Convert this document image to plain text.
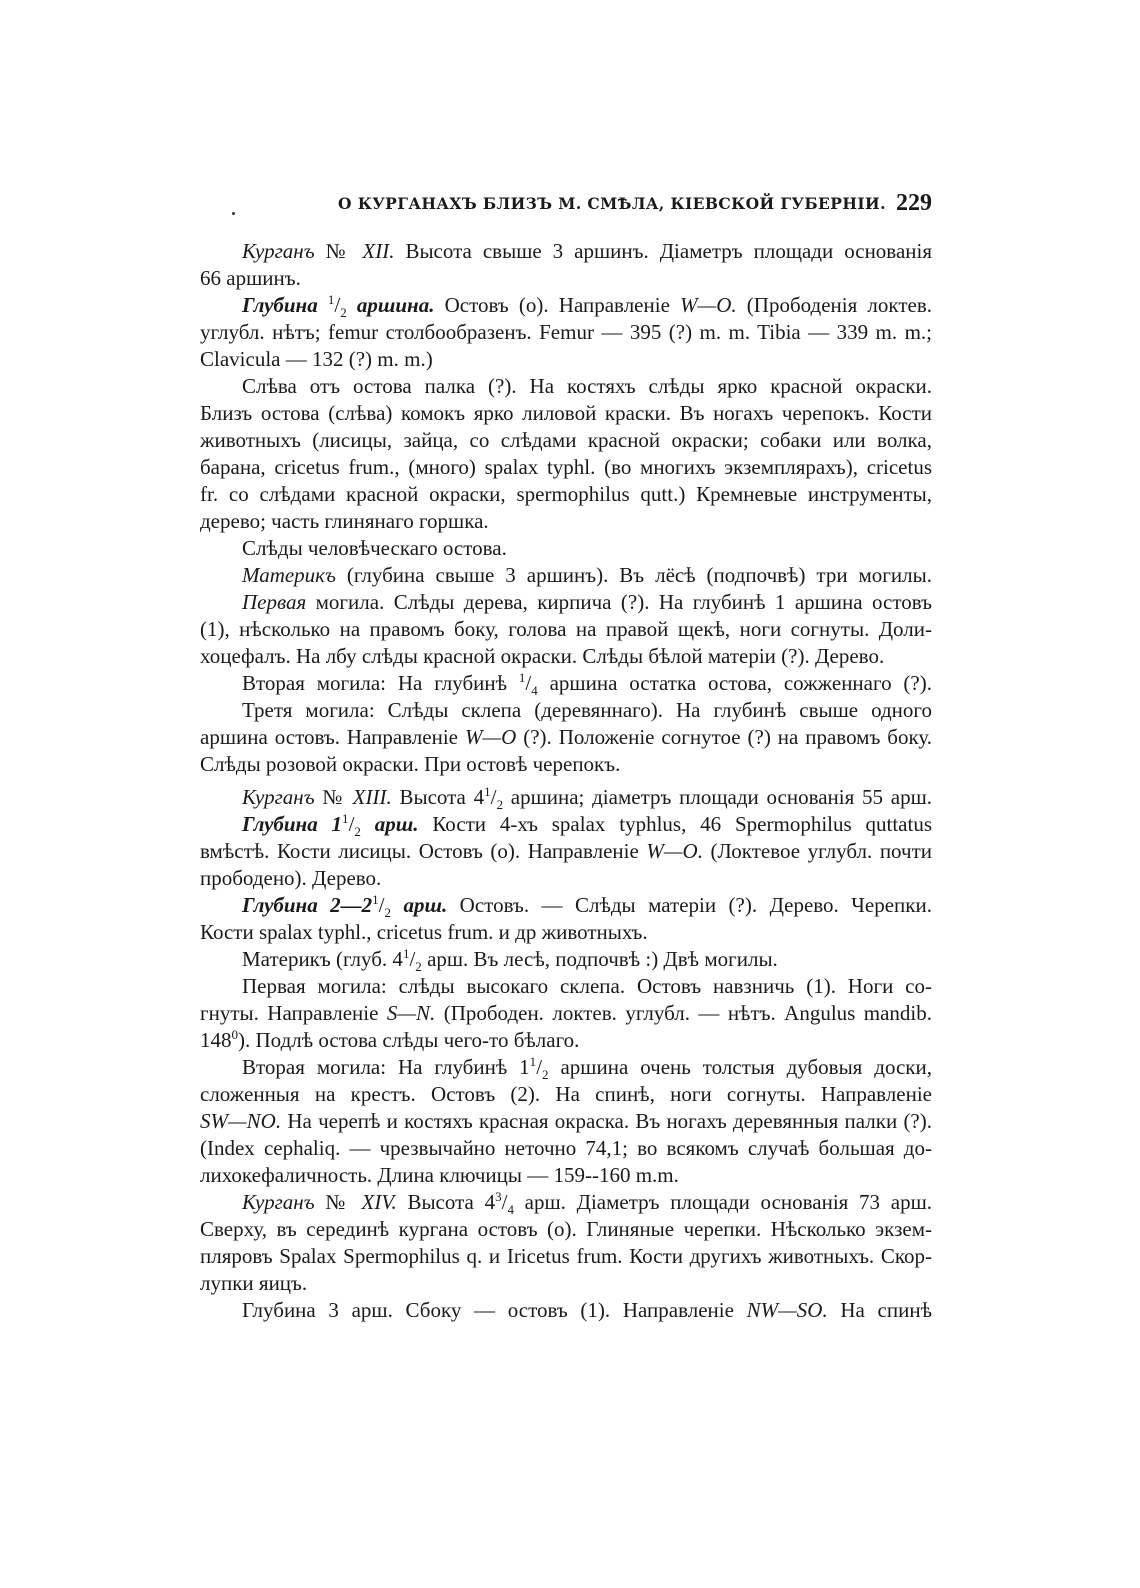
О КУРГАНАХЪ БЛИЗЪ М. СМѢЛА, КІЕВСКОЙ ГУБЕРНІИ. 229
Курганъ № XII. Высота свыше 3 аршинъ. Діаметръ площади основанія
66 аршинъ.
Глубина $^1/_2$ аршина. Остовъ (о). Направленіе W—O. (Прободенія локтев.
углубл. нѣтъ; femur столбообразенъ. Femur — 395 (?) m. m. Tibia — 339 m. m.;
Clavicula — 132 (?) m. m.)
Слѣва отъ остова палка (?). На костяхъ слѣды ярко красной окраски.
Близъ остова (слѣва) комокъ ярко лиловой краски. Въ ногахъ черепокъ. Кости
животныхъ (лисицы, зайца, со слѣдами красной окраски; собаки или волка,
барана, cricetus frum., (много) spalax typhl. (во многихъ экземплярахъ), cricetus
fr. со слѣдами красной окраски, spermophilus qutt.) Кремневые инструменты,
дерево; часть глинянаго горшка.
Слѣды человѣческаго остова.
Материкъ (глубина свыше 3 аршинъ). Въ лёсѣ (подпочвѣ) три могилы.
Первая могила. Слѣды дерева, кирпича (?). На глубинѣ 1 аршина остовъ
(1), нѣсколько на правомъ боку, голова на правой щекѣ, ноги согнуты. Доли-
хоцефалъ. На лбу слѣды красной окраски. Слѣды бѣлой матеріи (?). Дерево.
Вторая могила: На глубинѣ $^1/_4$ аршина остатка остова, сожженнаго (?).
Третя могила: Слѣды склепа (деревяннаго). На глубинѣ свыше одного
аршина остовъ. Направленіе W—O (?). Положеніе согнутое (?) на правомъ боку.
Слѣды розовой окраски. При остовѣ черепокъ.
Курганъ № XIII. Высота $4^1/_2$ аршина; діаметръ площади основанія 55 арш.
Глубина $1^1/_2$ арш. Кости 4-хъ spalax typhlus, 46 Spermophilus quttatus
вмѣстѣ. Кости лисицы. Остовъ (о). Направленіе W—O. (Локтевое углубл. почти
прободено). Дерево.
Глубина $2—2^1/_2$ арш. Остовъ. — Слѣды матеріи (?). Дерево. Черепки.
Кости spalax typhl., cricetus frum. и др животныхъ.
Материкъ (глуб. $4^1/_2$ арш. Въ лесѣ, подпочвѣ :) Двѣ могилы.
Первая могила: слѣды высокаго склепа. Остовъ навзничь (1). Ноги со-
гнуты. Направленіе S—N. (Прободен. локтев. углубл. — нѣтъ. Angulus mandib.
$148^0$). Подлѣ остова слѣды чего-то бѣлаго.
Вторая могила: На глубинѣ $1^1/_2$ аршина очень толстыя дубовыя доски,
сложенныя на крестъ. Остовъ (2). На спинѣ, ноги согнуты. Направленіе
SW—NO. На черепѣ и костяхъ красная окраска. Въ ногахъ деревянныя палки (?).
(Index cephaliq. — чрезвычайно неточно 74,1; во всякомъ случаѣ большая до-
лихокефаличность. Длина ключицы — 159--160 m.m.
Курганъ № XIV. Высота $4^3/_4$ арш. Діаметръ площади основанія 73 арш.
Сверху, въ серединѣ кургана остовъ (о). Глиняные черепки. Нѣсколько экзем-
пляровъ Spalax Spermophilus q. и Iricetus frum. Кости другихъ животныхъ. Скор-
лупки яицъ.
Глубина 3 арш. Сбоку — остовъ (1). Направленіе NW—SO. На спинѣ
